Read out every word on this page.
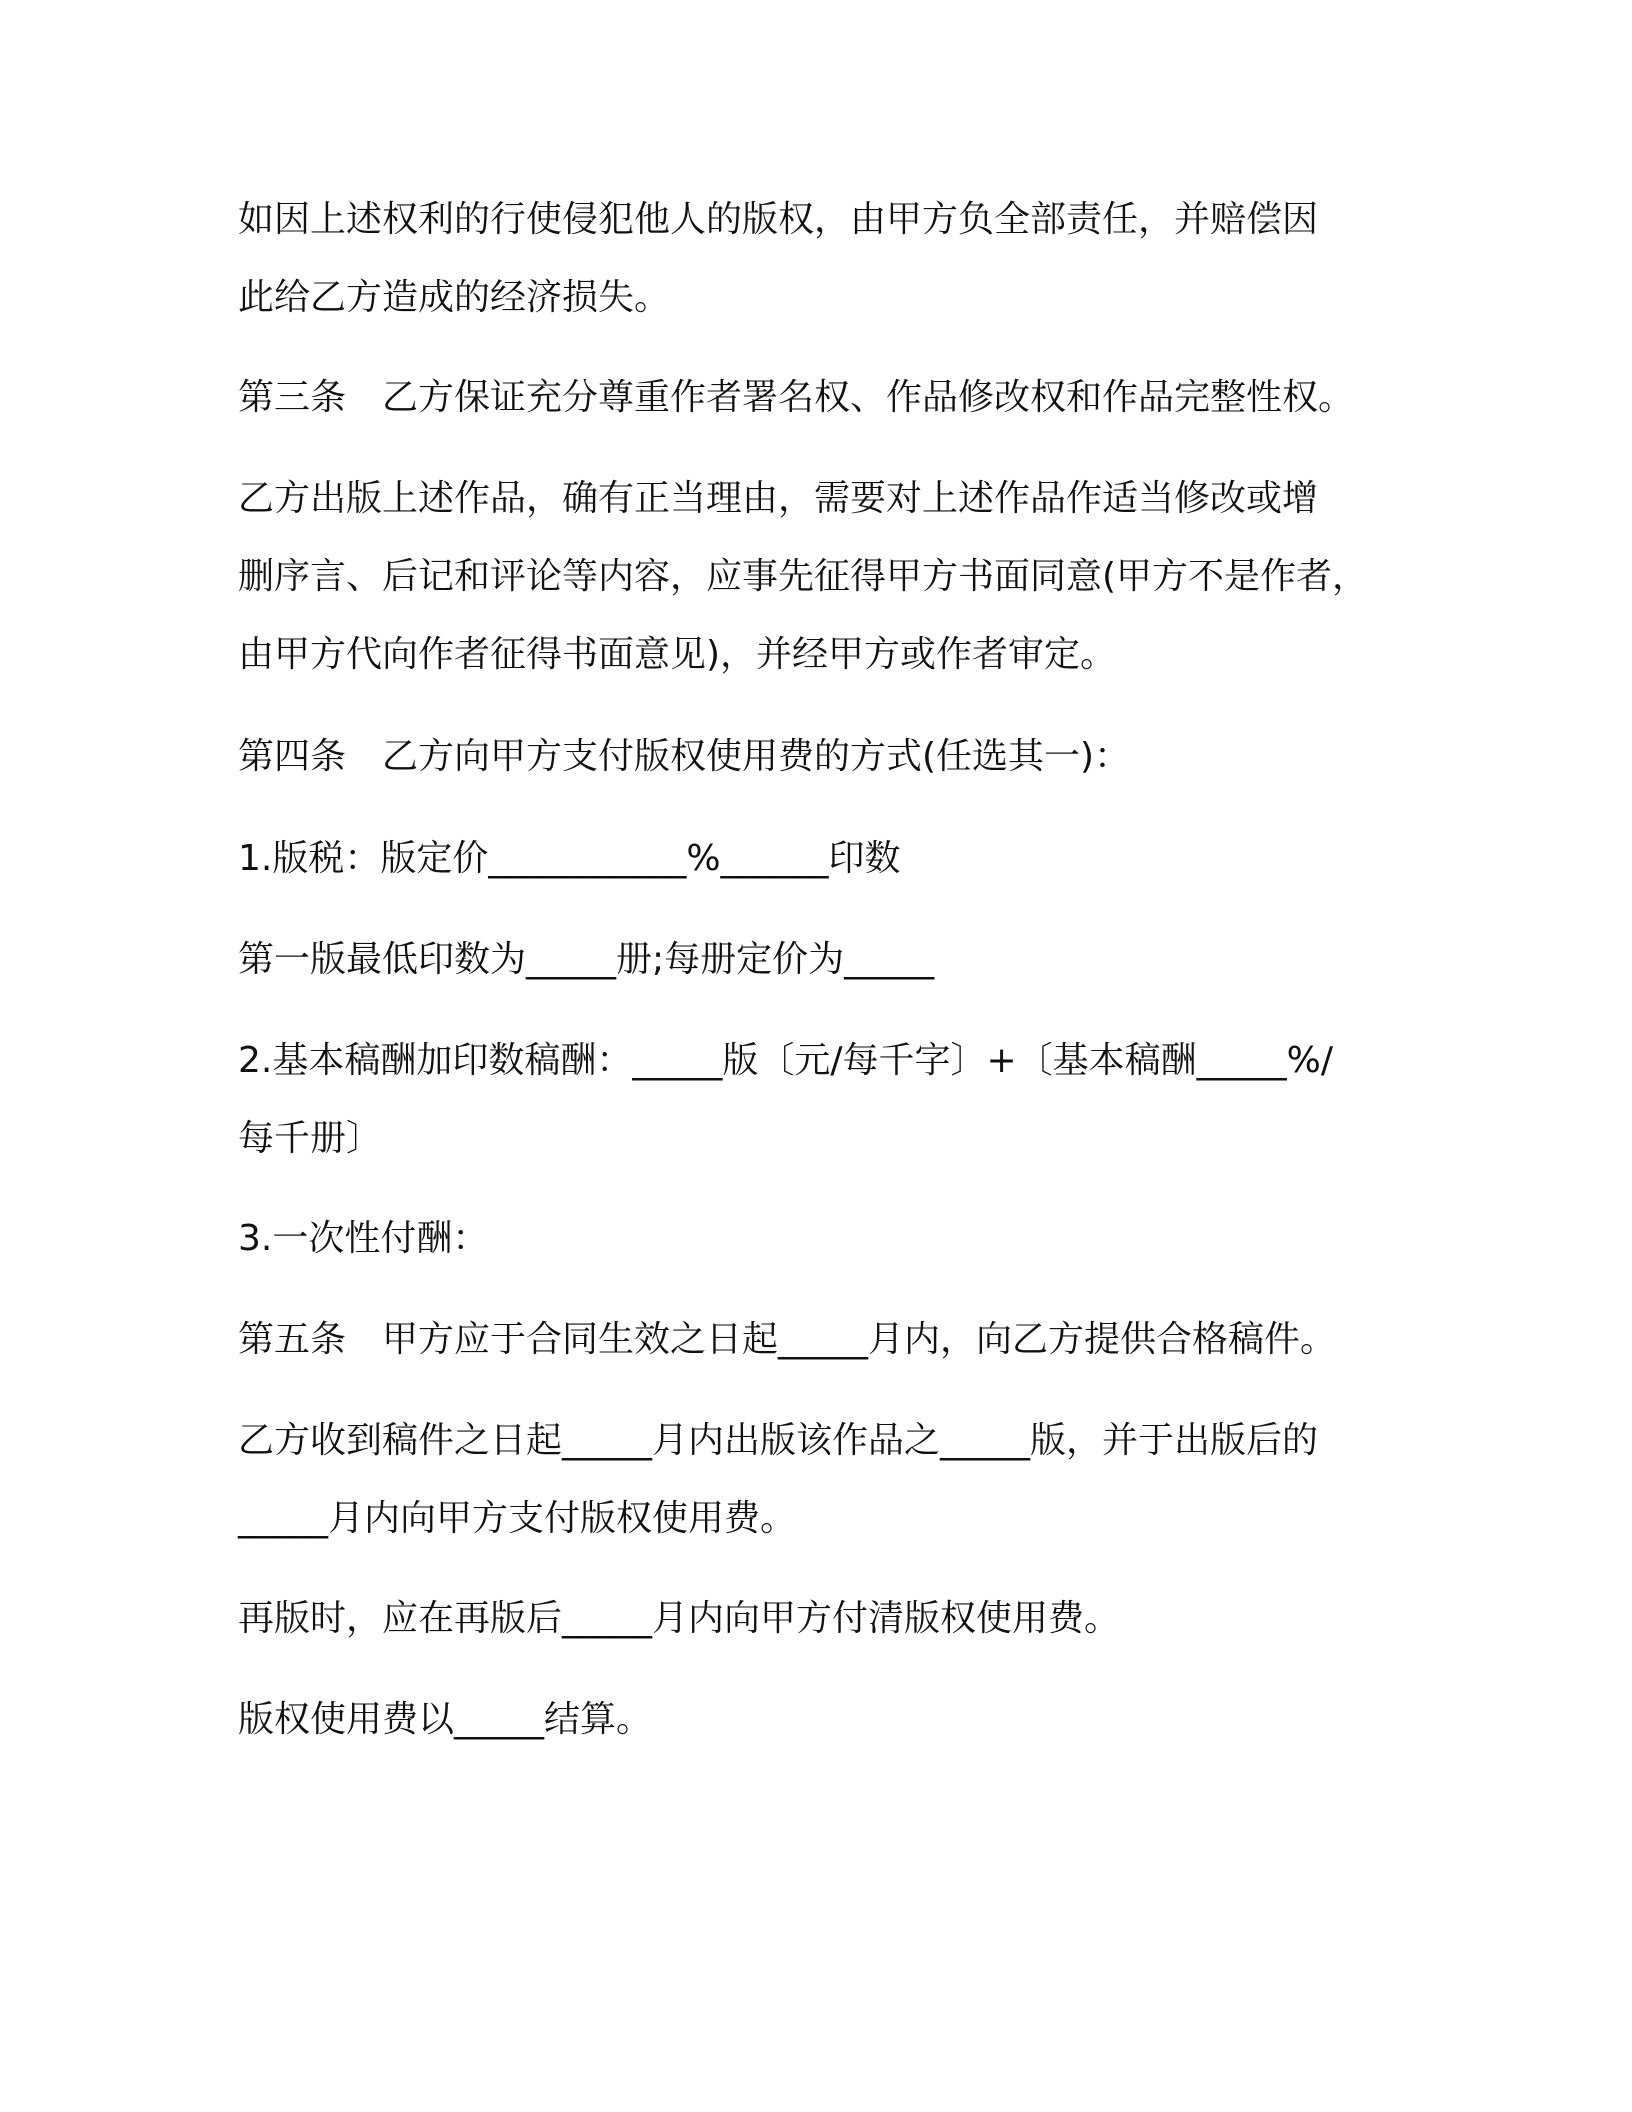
如因上述权利的行使侵犯他人的版权，由甲方负全部责任，并赔偿因
此给乙方造成的经济损失。

第三条　乙方保证充分尊重作者署名权、作品修改权和作品完整性权。

乙方出版上述作品，确有正当理由，需要对上述作品作适当修改或增
删序言、后记和评论等内容，应事先征得甲方书面同意(甲方不是作者，
由甲方代向作者征得书面意见)，并经甲方或作者审定。

第四条　乙方向甲方支付版权使用费的方式(任选其一)：

1.版税：版定价___________%______印数

第一版最低印数为_____册;每册定价为_____

2.基本稿酬加印数稿酬：_____版〔元/每千字〕+〔基本稿酬_____%/
每千册〕

3.一次性付酬：

第五条　甲方应于合同生效之日起_____月内，向乙方提供合格稿件。

乙方收到稿件之日起_____月内出版该作品之_____版，并于出版后的
_____月内向甲方支付版权使用费。

再版时，应在再版后_____月内向甲方付清版权使用费。

版权使用费以_____结算。
